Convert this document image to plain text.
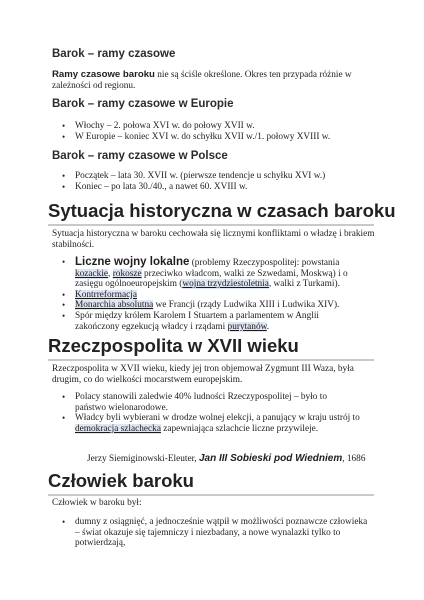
Barok – ramy czasowe
Ramy czasowe baroku nie są ściśle określone. Okres ten przypada różnie w zależności od regionu.
Barok – ramy czasowe w Europie
• Włochy – 2. połowa XVI w. do połowy XVII w.
• W Europie – koniec XVI w. do schyłku XVII w./1. połowy XVIII w.
Barok – ramy czasowe w Polsce
• Początek – lata 30. XVII w. (pierwsze tendencje u schyłku XVI w.)
• Koniec – po lata 30./40., a nawet 60. XVIII w.
Sytuacja historyczna w czasach baroku
Sytuacja historyczna w baroku cechowała się licznymi konfliktami o władzę i brakiem stabilności.
• Liczne wojny lokalne (problemy Rzeczypospolitej: powstania kozackie, rokosze przeciwko władcom, walki ze Szwedami, Moskwą) i o zasięgu ogólnoeuropejskim (wojna trzydziestoletnia, walki z Turkami).
• Kontrreformacja
• Monarchia absolutna we Francji (rządy Ludwika XIII i Ludwika XIV).
• Spór między królem Karolem I Stuartem a parlamentem w Anglii zakończony egzekucją władcy i rządami purytanów.
Rzeczpospolita w XVII wieku
Rzeczpospolita w XVII wieku, kiedy jej tron objemował Zygmunt III Waza, była drugim, co do wielkości mocarstwem europejskim.
• Polacy stanowili zaledwie 40% ludności Rzeczypospolitej – było to państwo wielonarodowe.
• Władcy byli wybierani w drodze wolnej elekcji, a panujący w kraju ustrój to demokracja szlachecka zapewniająca szlachcie liczne przywileje.
Jerzy Siemiginowski-Eleuter, Jan III Sobieski pod Wiedniem, 1686
Człowiek baroku
Człowiek w baroku był:
• dumny z osiągnięć, a jednocześnie wątpił w możliwości poznawcze człowieka – świat okazuje się tajemniczy i niezbadany, a nowe wynalazki tylko to potwierdzają,
